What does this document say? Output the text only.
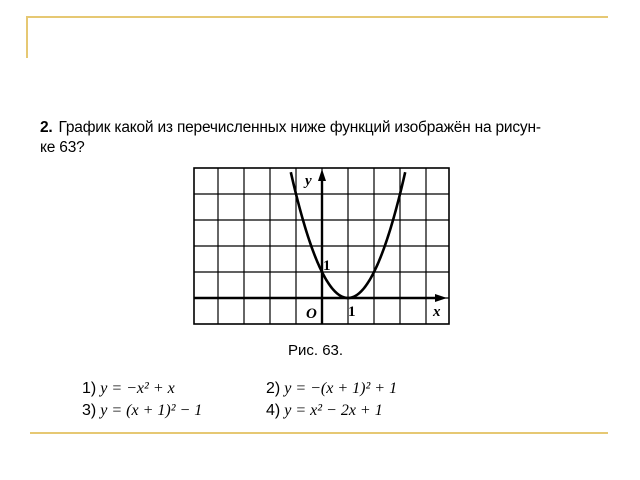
2. График какой из перечисленных ниже функций изображён на рисун-
ке 63?
y
x
O 1
1
Рис. 63.
1) y = −x² + x	2) y = −(x + 1)² + 1
3) y = (x + 1)² − 1	4) y = x² − 2x + 1
